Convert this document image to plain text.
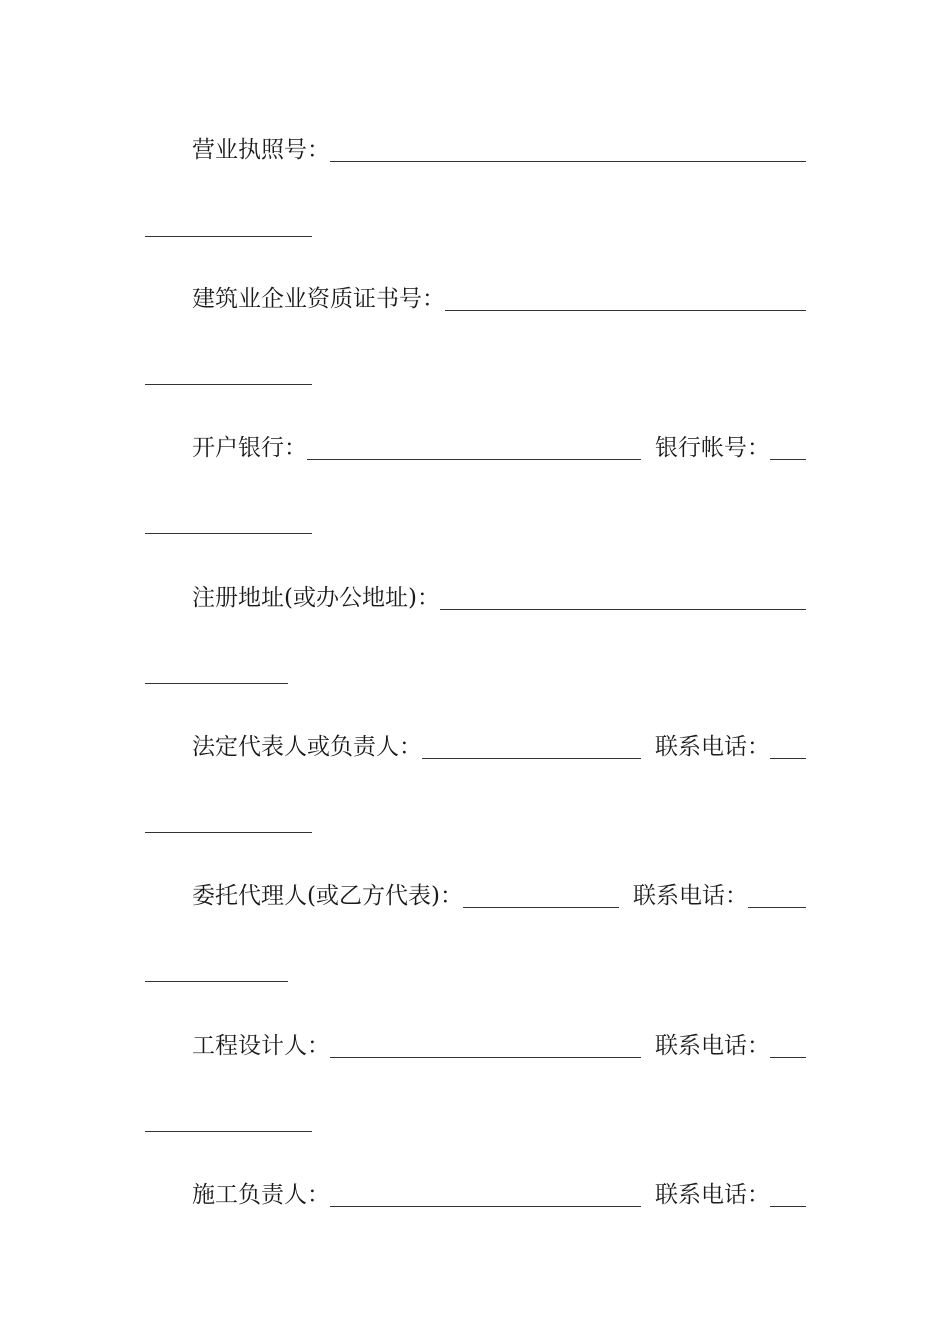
营业执照号：
建筑业企业资质证书号：
开户银行：	银行帐号：
注册地址(或办公地址)：
法定代表人或负责人：	联系电话：
委托代理人(或乙方代表)：	联系电话：
工程设计人：	联系电话：
施工负责人：	联系电话：
